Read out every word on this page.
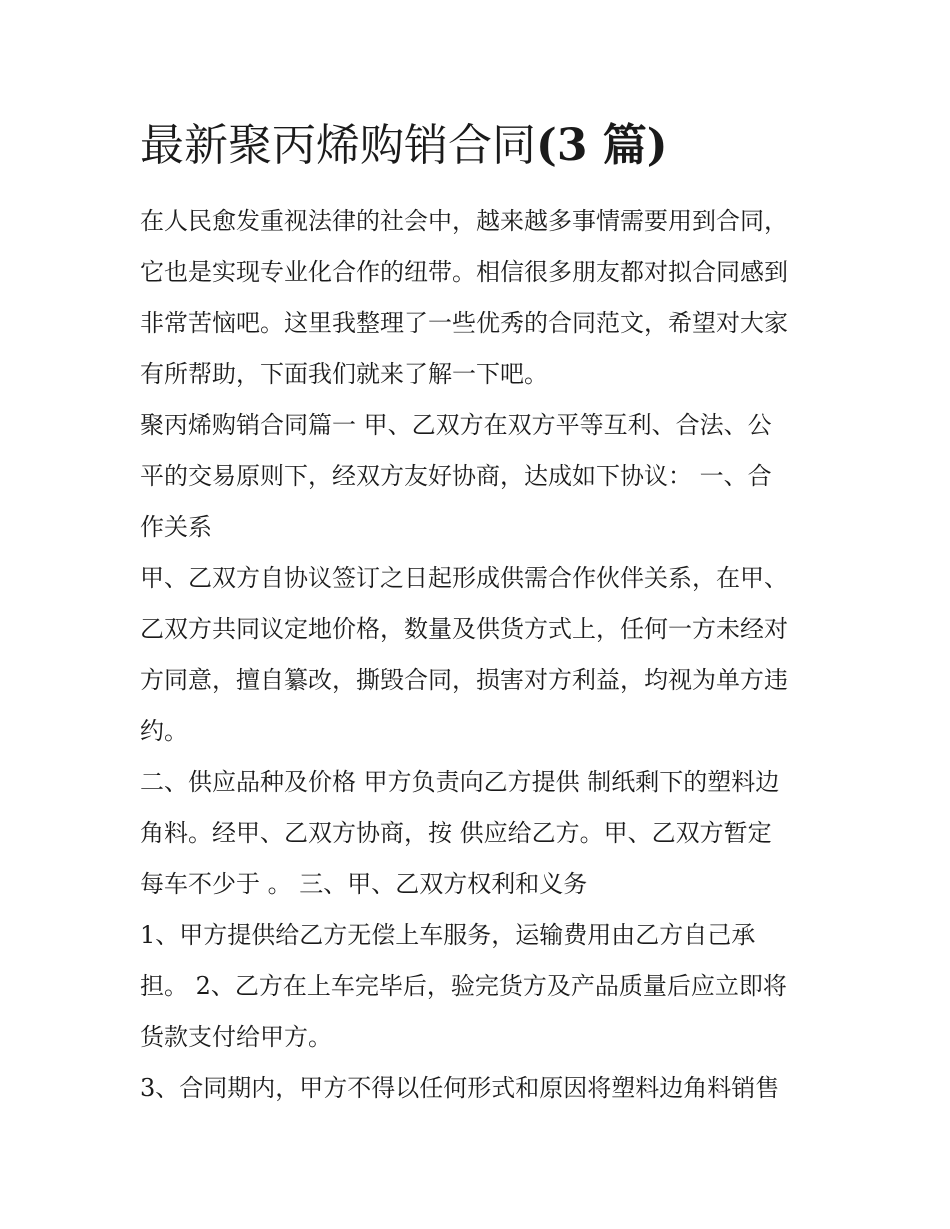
最新聚丙烯购销合同(3 篇)
在人民愈发重视法律的社会中，越来越多事情需要用到合同，
它也是实现专业化合作的纽带。相信很多朋友都对拟合同感到
非常苦恼吧。这里我整理了一些优秀的合同范文，希望对大家
有所帮助，下面我们就来了解一下吧。
聚丙烯购销合同篇一 甲、乙双方在双方平等互利、合法、公
平的交易原则下，经双方友好协商，达成如下协议： 一、合
作关系
甲、乙双方自协议签订之日起形成供需合作伙伴关系，在甲、
乙双方共同议定地价格，数量及供货方式上，任何一方未经对
方同意，擅自纂改，撕毁合同，损害对方利益，均视为单方违
约。
二、供应品种及价格 甲方负责向乙方提供 制纸剩下的塑料边
角料。经甲、乙双方协商，按 供应给乙方。甲、乙双方暂定
每车不少于 。 三、甲、乙双方权利和义务
1、甲方提供给乙方无偿上车服务，运输费用由乙方自己承
担。 2、乙方在上车完毕后，验完货方及产品质量后应立即将
货款支付给甲方。
3、合同期内，甲方不得以任何形式和原因将塑料边角料销售
